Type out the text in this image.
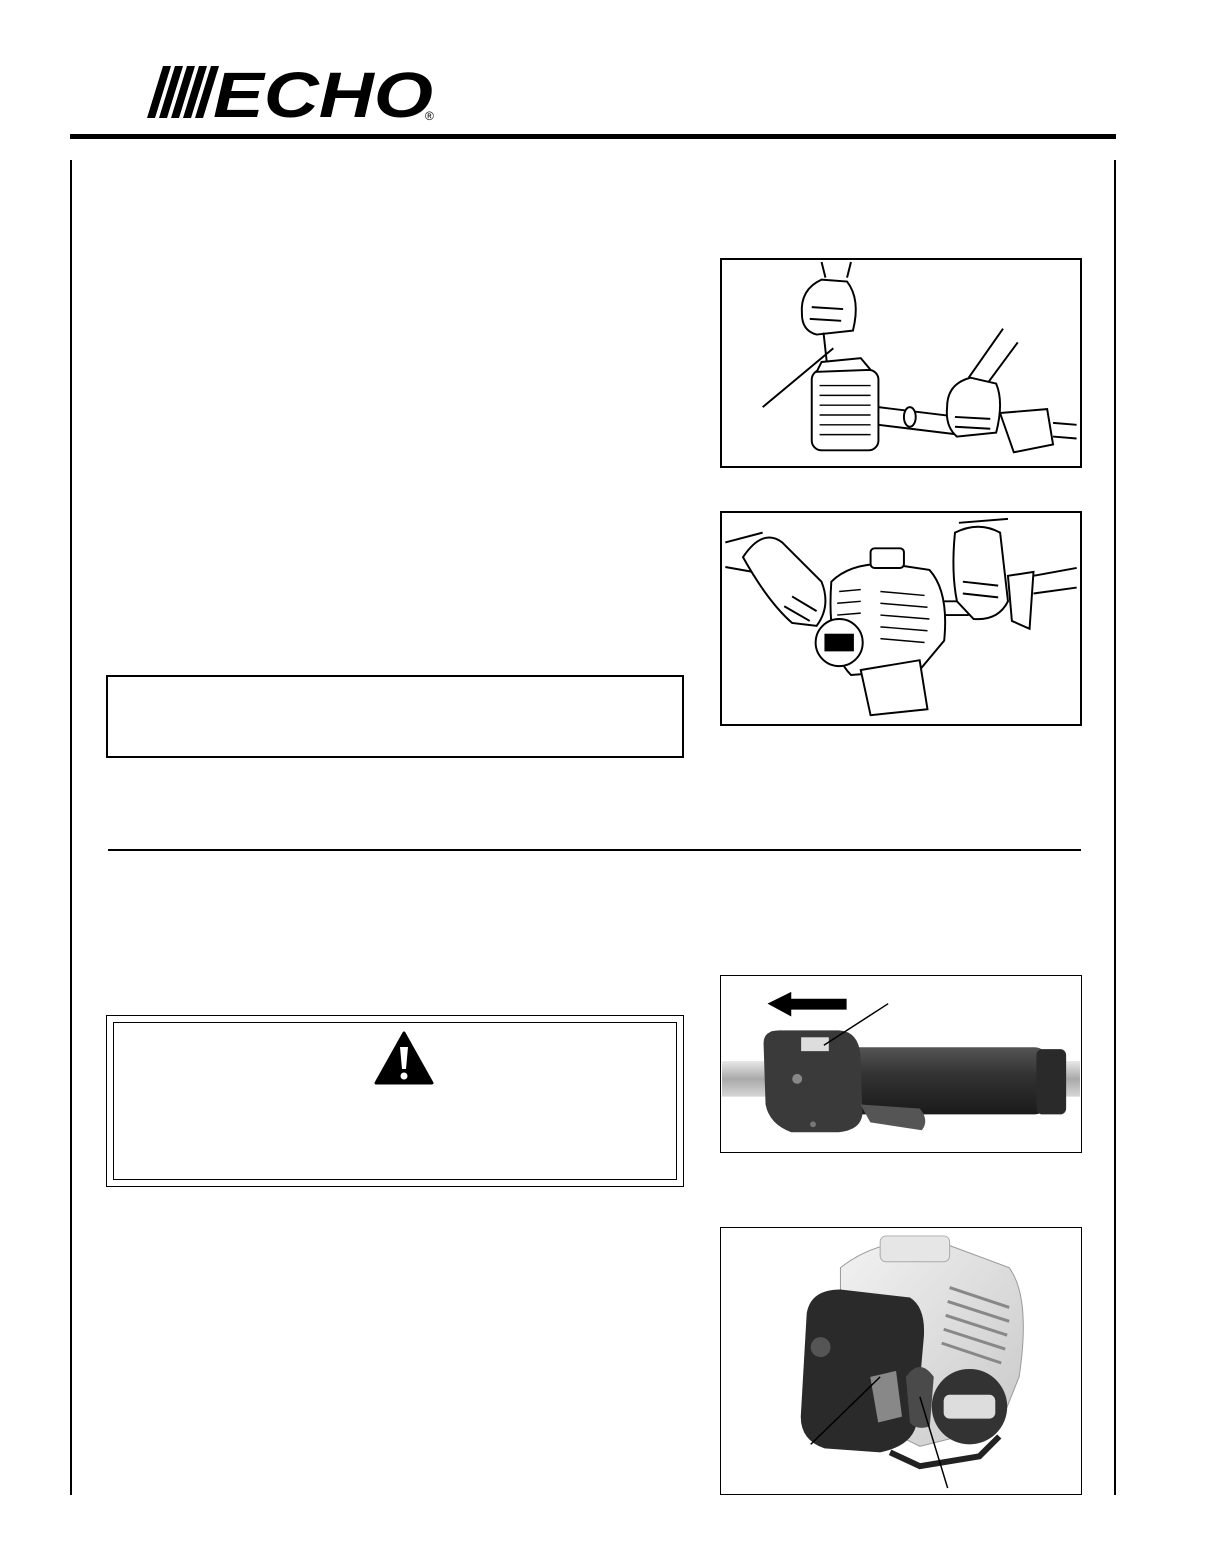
ECHO
®
